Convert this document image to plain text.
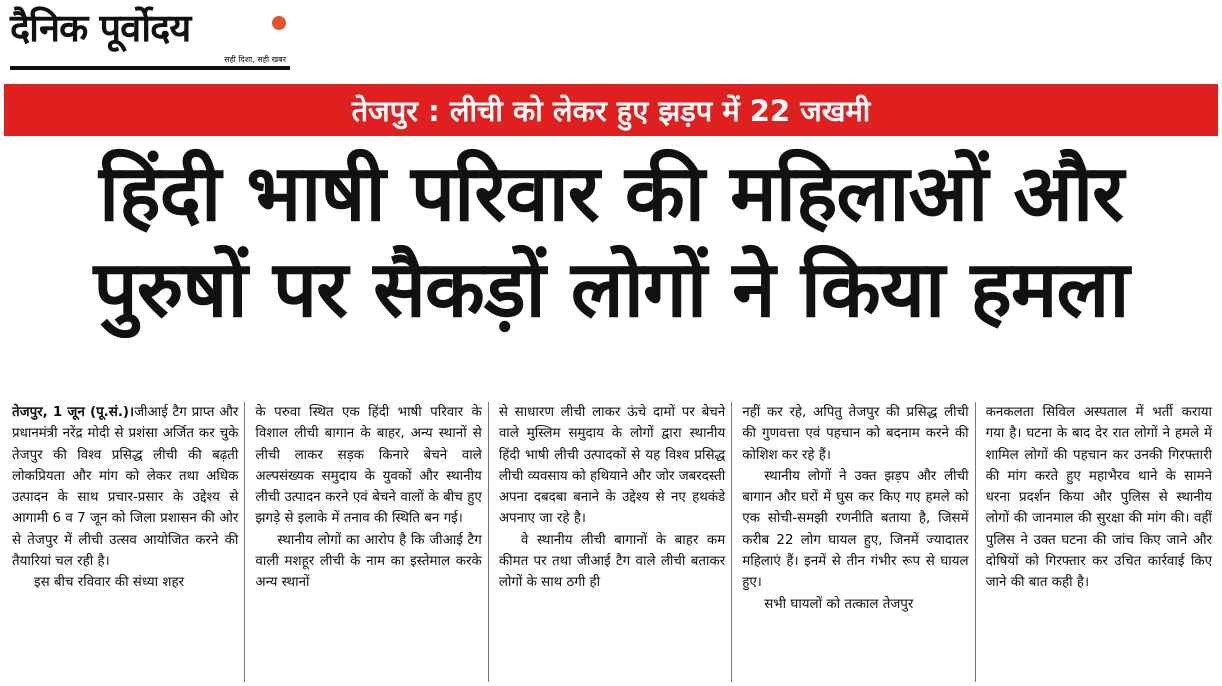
दैनिक पूर्वोदय
सही दिशा, सही खबर
तेजपुर : लीची को लेकर हुए झड़प में 22 जखमी
हिंदी भाषी परिवार की महिलाओं और
पुरुषों पर सैकड़ों लोगों ने किया हमला

तेजपुर, 1 जून (पू.सं.)।जीआई टैग प्राप्त और प्रधानमंत्री नरेंद्र मोदी से प्रशंसा अर्जित कर चुके तेजपुर की विश्व प्रसिद्ध लीची की बढ़ती लोकप्रियता और मांग को लेकर तथा अधिक उत्पादन के साथ प्रचार-प्रसार के उद्देश्य से आगामी 6 व 7 जून को जिला प्रशासन की ओर से तेजपुर में लीची उत्सव आयोजित करने की तैयारियां चल रही है।

इस बीच रविवार की संध्या शहर

के परुवा स्थित एक हिंदी भाषी परिवार के विशाल लीची बागान के बाहर, अन्य स्थानों से लीची लाकर सड़क किनारे बेचने वाले अल्पसंख्यक समुदाय के युवकों और स्थानीय लीची उत्पादन करने एवं बेचने वालों के बीच हुए झगड़े से इलाके में तनाव की स्थिति बन गई।

स्थानीय लोगों का आरोप है कि जीआई टैग वाली मशहूर लीची के नाम का इस्तेमाल करके अन्य स्थानों

से साधारण लीची लाकर ऊंचे दामों पर बेचने वाले मुस्लिम समुदाय के लोगों द्वारा स्थानीय हिंदी भाषी लीची उत्पादकों से यह विश्व प्रसिद्ध लीची व्यवसाय को हथियाने और जोर जबरदस्ती अपना दबदबा बनाने के उद्देश्य से नए हथकंडे अपनाए जा रहे है।

वे स्थानीय लीची बागानों के बाहर कम कीमत पर तथा जीआई टैग वाले लीची बताकर लोगों के साथ ठगी ही

नहीं कर रहे, अपितु तेजपुर की प्रसिद्ध लीची की गुणवत्ता एवं पहचान को बदनाम करने की कोशिश कर रहे हैं।

स्थानीय लोगों ने उक्त झड़प और लीची बागान और घरों में घुस कर किए गए हमले को एक सोची-समझी रणनीति बताया है, जिसमें करीब 22 लोग घायल हुए, जिनमें ज्यादातर महिलाएं हैं। इनमें से तीन गंभीर रूप से घायल हुए।

सभी घायलों को तत्काल तेजपुर

कनकलता सिविल अस्पताल में भर्ती कराया गया है। घटना के बाद देर रात लोगों ने हमले में शामिल लोगों की पहचान कर उनकी गिरफ्तारी की मांग करते हुए महाभैरव थाने के सामने धरना प्रदर्शन किया और पुलिस से स्थानीय लोगों की जानमाल की सुरक्षा की मांग की। वहीं पुलिस ने उक्त घटना की जांच किए जाने और दोषियों को गिरफ्तार कर उचित कार्रवाई किए जाने की बात कही है।
